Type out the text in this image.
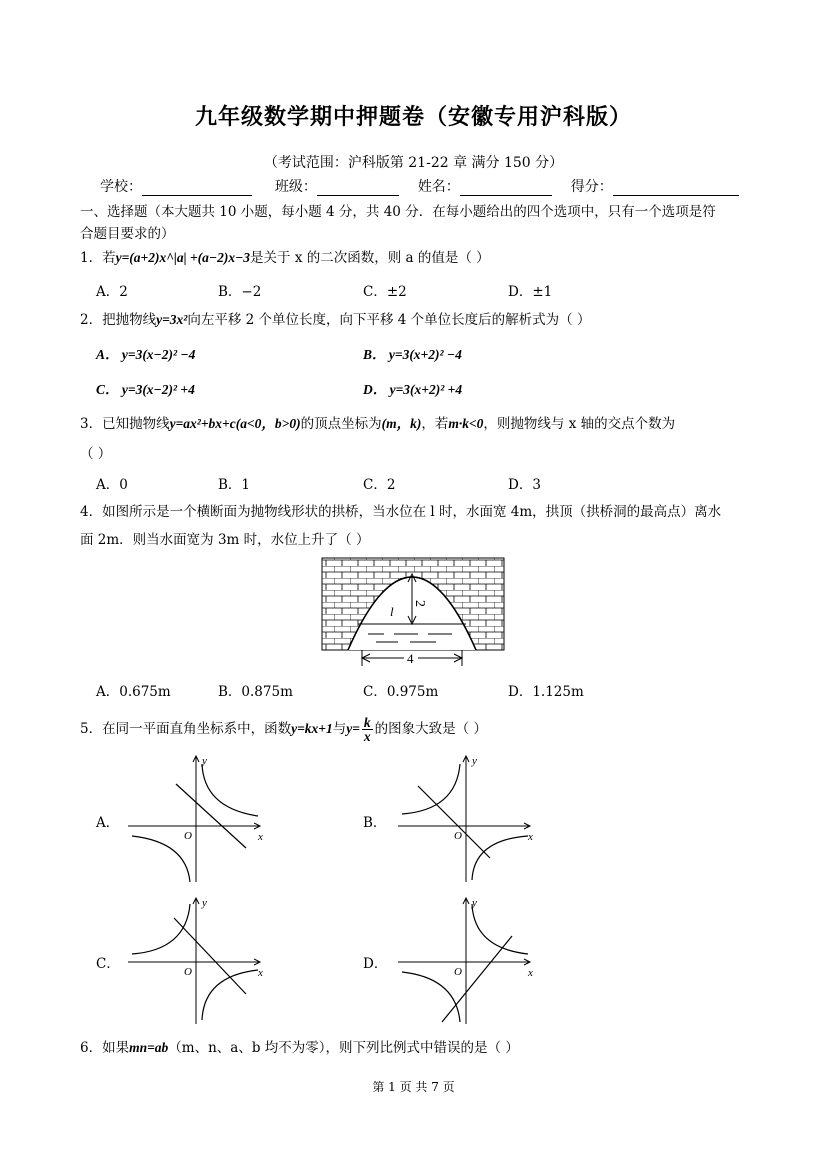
九年级数学期中押题卷（安徽专用沪科版）
（考试范围：沪科版第 21-22 章 满分 150 分）
学校：	班级：	姓名：	得分：
一、选择题（本大题共 10 小题，每小题 4 分，共 40 分．在每小题给出的四个选项中，只有一个选项是符
合题目要求的）
1．若y=(a+2)x^|a| +(a−2)x−3是关于 x 的二次函数，则 a 的值是（ ）
A．2	B．−2	C．±2	D．±1
2．把抛物线y=3x²向左平移 2 个单位长度，向下平移 4 个单位长度后的解析式为（ ）
A． y=3(x−2)² −4	B． y=3(x+2)² −4
C． y=3(x−2)² +4	D． y=3(x+2)² +4
3．已知抛物线y=ax²+bx+c(a<0，b>0)的顶点坐标为(m，k)，若m·k<0，则抛物线与 x 轴的交点个数为
（ ）
A．0	B．1	C．2	D．3
4．如图所示是一个横断面为抛物线形状的拱桥，当水位在 l 时，水面宽 4m，拱顶（拱桥洞的最高点）离水
面 2m．则当水面宽为 3m 时，水位上升了（ ）
2
l
4
A．0.675m	B．0.875m	C．0.975m	D．1.125m
5．在同一平面直角坐标系中，函数y=kx+1与$y= \frac{k}{x}$ 的图象大致是（ ）
A．	B．
C．	D．
y
x
O
y
x
O
y
x
O
y
x
O
6．如果mn=ab（m、n、a、b 均不为零），则下列比例式中错误的是（ ）
第 1 页 共 7 页
